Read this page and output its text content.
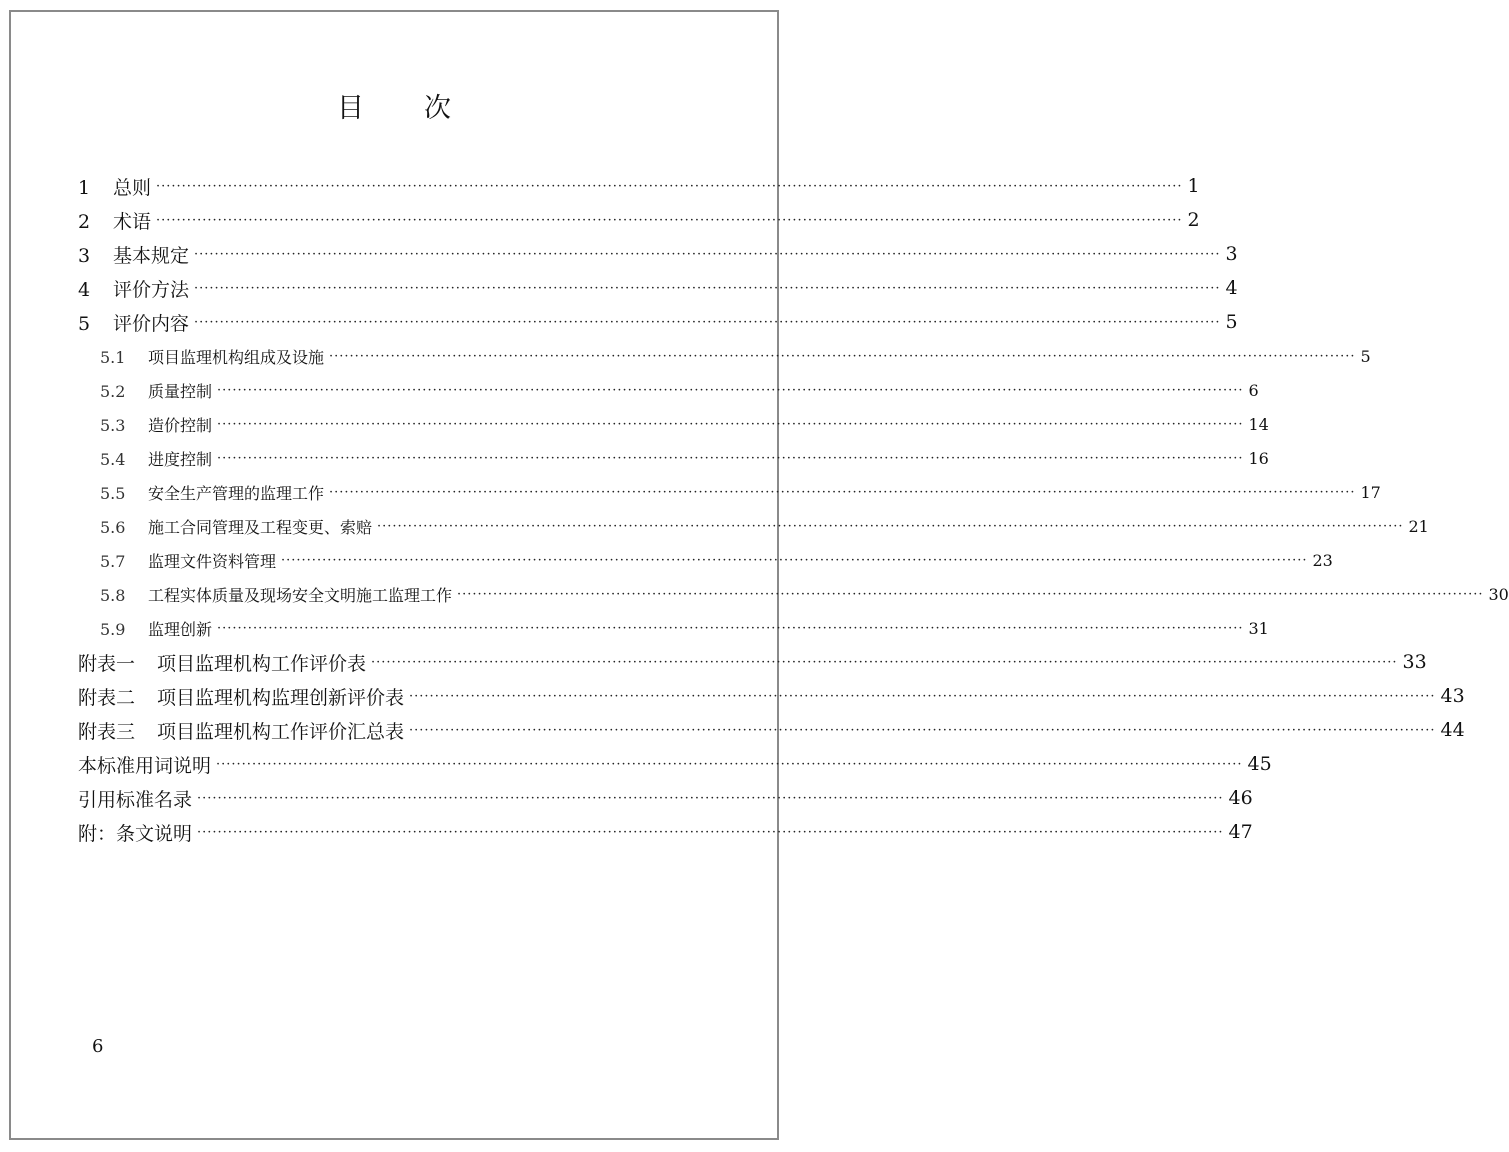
目 次
1 总则 ········································································································································································································ 1
2 术语 ········································································································································································································ 2
3 基本规定 ········································································································································································································ 3
4 评价方法 ········································································································································································································ 4
5 评价内容 ········································································································································································································ 5
5.1 项目监理机构组成及设施 ········································································································································································································ 5
5.2 质量控制 ········································································································································································································ 6
5.3 造价控制 ········································································································································································································ 14
5.4 进度控制 ········································································································································································································ 16
5.5 安全生产管理的监理工作 ········································································································································································································ 17
5.6 施工合同管理及工程变更、索赔 ········································································································································································································ 21
5.7 监理文件资料管理 ········································································································································································································ 23
5.8 工程实体质量及现场安全文明施工监理工作 ········································································································································································································ 30
5.9 监理创新 ········································································································································································································ 31
附表一 项目监理机构工作评价表 ········································································································································································································ 33
附表二 项目监理机构监理创新评价表 ········································································································································································································ 43
附表三 项目监理机构工作评价汇总表 ········································································································································································································ 44
本标准用词说明 ········································································································································································································ 45
引用标准名录 ········································································································································································································ 46
附：条文说明 ········································································································································································································ 47
6
